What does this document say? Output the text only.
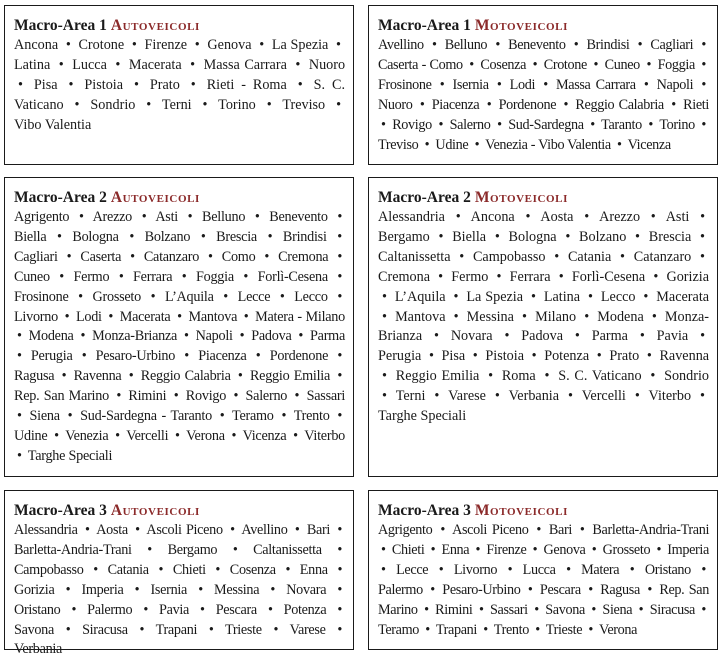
Macro-Area 1 Autoveicoli
Ancona • Crotone • Firenze • Genova • La Spezia • Latina • Lucca • Macerata • Massa Carrara • Nuoro • Pisa • Pistoia • Prato • Rieti - Roma • S. C. Vaticano • Sondrio • Terni • Torino • Treviso • Vibo Valentia
Macro-Area 1 Motoveicoli
Avellino • Belluno • Benevento • Brindisi • Cagliari • Caserta - Como • Cosenza • Crotone • Cuneo • Foggia • Frosinone • Isernia • Lodi • Massa Carrara • Napoli • Nuoro • Piacenza • Pordenone • Reggio Calabria • Rieti • Rovigo • Salerno • Sud-Sardegna • Taranto • Torino • Treviso • Udine • Venezia - Vibo Valentia • Vicenza
Macro-Area 2 Autoveicoli
Agrigento • Arezzo • Asti • Belluno • Benevento • Biella • Bologna • Bolzano • Brescia • Brindisi • Cagliari • Caserta • Catanzaro • Como • Cremona • Cuneo • Fermo • Ferrara • Foggia • Forlì-Cesena • Frosinone • Grosseto • L’Aquila • Lecce • Lecco • Livorno • Lodi • Macerata • Mantova • Matera - Milano • Modena • Monza-Brianza • Napoli • Padova • Parma • Perugia • Pesaro-Urbino • Piacenza • Pordenone • Ragusa • Ravenna • Reggio Calabria • Reggio Emilia • Rep. San Marino • Rimini • Rovigo • Salerno • Sassari • Siena • Sud-Sardegna - Taranto • Teramo • Trento • Udine • Venezia • Vercelli • Verona • Vicenza • Viterbo • Targhe Speciali
Macro-Area 2 Motoveicoli
Alessandria • Ancona • Aosta • Arezzo • Asti • Bergamo • Biella • Bologna • Bolzano • Brescia • Caltanissetta • Campobasso • Catania • Catanzaro • Cremona • Fermo • Ferrara • Forlì-Cesena • Gorizia • L’Aquila • La Spezia • Latina • Lecco • Macerata • Mantova • Messina • Milano • Modena • Monza-Brianza • Novara • Padova • Parma • Pavia • Perugia • Pisa • Pistoia • Potenza • Prato • Ravenna • Reggio Emilia • Roma • S. C. Vaticano • Sondrio • Terni • Varese • Verbania • Vercelli • Viterbo • Targhe Speciali
Macro-Area 3 Autoveicoli
Alessandria • Aosta • Ascoli Piceno • Avellino • Bari • Barletta-Andria-Trani • Bergamo • Caltanissetta • Campobasso • Catania • Chieti • Cosenza • Enna • Gorizia • Imperia • Isernia • Messina • Novara • Oristano • Palermo • Pavia • Pescara • Potenza • Savona • Siracusa • Trapani • Trieste • Varese • Verbania
Macro-Area 3 Motoveicoli
Agrigento • Ascoli Piceno • Bari • Barletta-Andria-Trani • Chieti • Enna • Firenze • Genova • Grosseto • Imperia • Lecce • Livorno • Lucca • Matera • Oristano • Palermo • Pesaro-Urbino • Pescara • Ragusa • Rep. San Marino • Rimini • Sassari • Savona • Siena • Siracusa • Teramo • Trapani • Trento • Trieste • Verona
